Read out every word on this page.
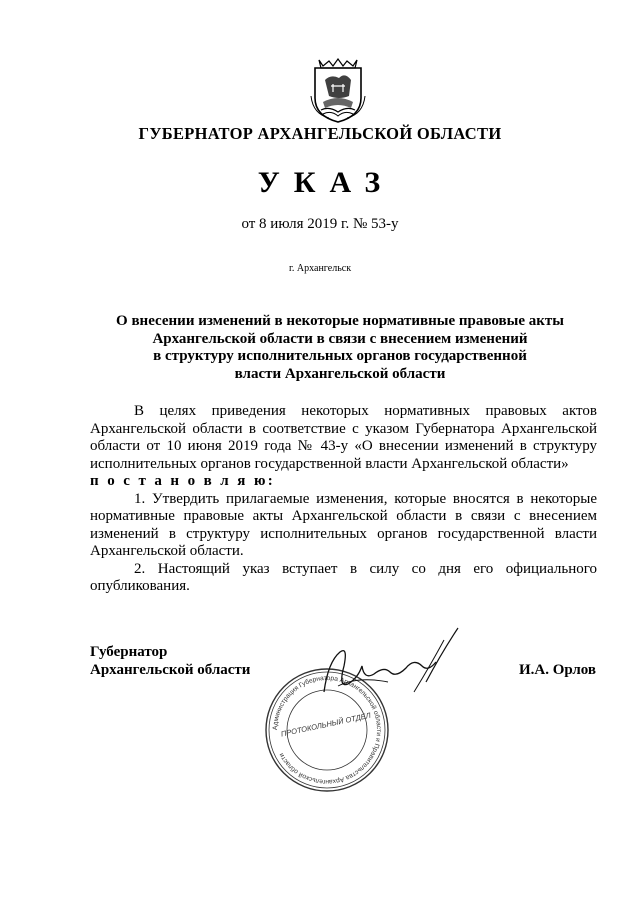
ГУБЕРНАТОР АРХАНГЕЛЬСКОЙ ОБЛАСТИ
УКАЗ
от 8 июля 2019 г. № 53-у
г. Архангельск
О внесении изменений в некоторые нормативные правовые акты
Архангельской области в связи с внесением изменений
в структуру исполнительных органов государственной
власти Архангельской области

В целях приведения некоторых нормативных правовых актов Архангельской области в соответствие с указом Губернатора Архангельской области от 10 июня 2019 года № 43-у «О внесении изменений в структуру исполнительных органов государственной власти Архангельской области»

п о с т а н о в л я ю:

1. Утвердить прилагаемые изменения, которые вносятся в некоторые нормативные правовые акты Архангельской области в связи с внесением изменений в структуру исполнительных органов государственной власти Архангельской области.

2. Настоящий указ вступает в силу со дня его официального опубликования.

Губернатор
Архангельской области	И.А. Орлов
Администрация Губернатора Архангельской области и Правительства Архангельской области
ПРОТОКОЛЬНЫЙ ОТДЕЛ
